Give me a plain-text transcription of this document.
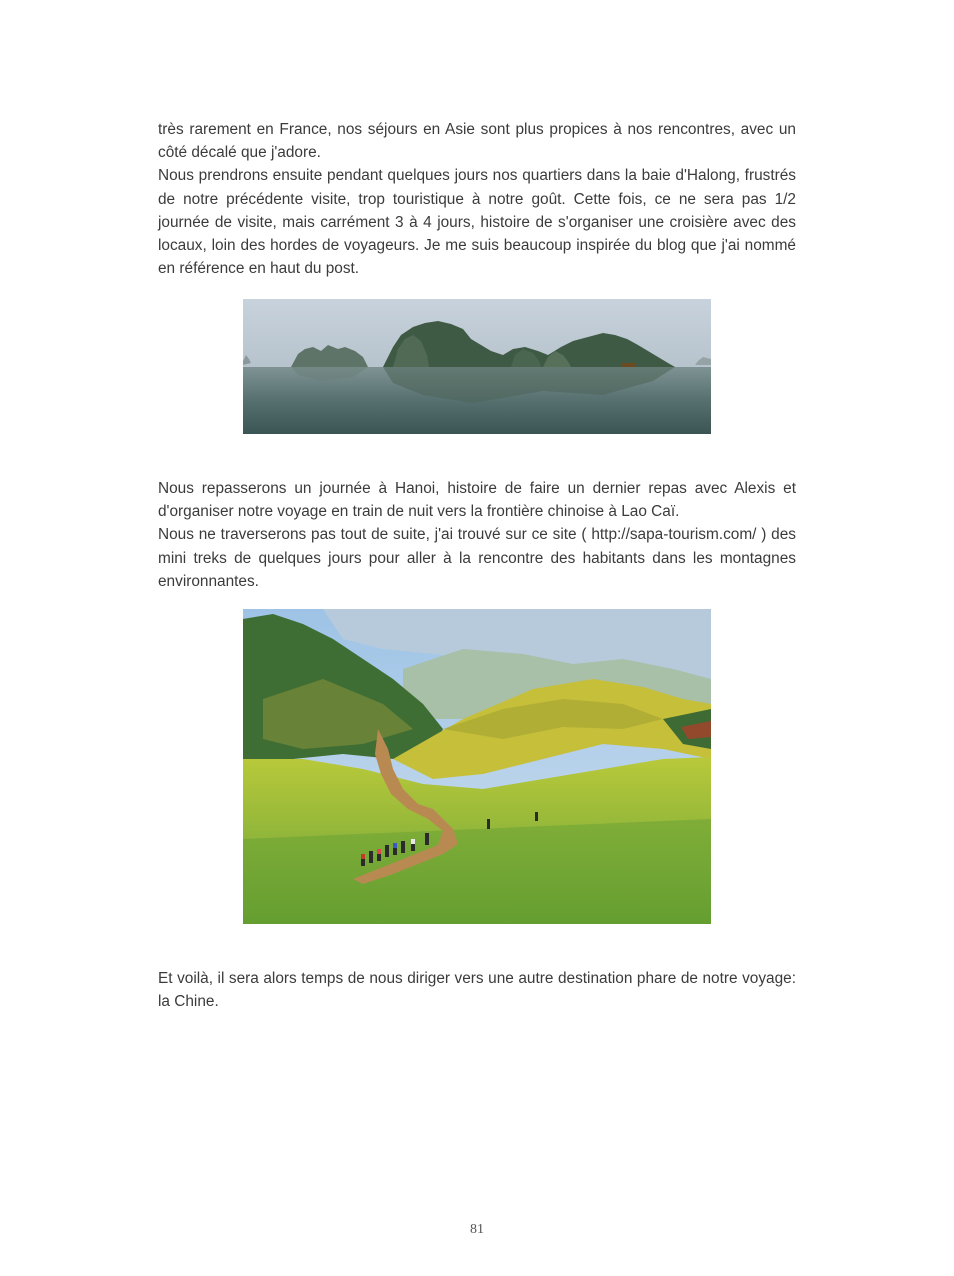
très rarement en France, nos séjours en Asie sont plus propices à nos rencontres, avec un côté décalé que j'adore.

Nous prendrons ensuite pendant quelques jours nos quartiers dans la baie d'Halong, frustrés de notre précédente visite, trop touristique à notre goût. Cette fois, ce ne sera pas 1/2 journée de visite, mais carrément 3 à 4 jours, histoire de s'organiser une croisière avec des locaux, loin des hordes de voyageurs. Je me suis beaucoup inspirée du blog que j'ai nommé en référence en haut du post.

Nous repasserons un journée à Hanoi, histoire de faire un dernier repas avec Alexis et d'organiser notre voyage en train de nuit vers la frontière chinoise à Lao Caï.

Nous ne traverserons pas tout de suite, j'ai trouvé sur ce site ( http://sapa-tourism.com/ ) des mini treks de quelques jours pour aller à la rencontre des habitants dans les montagnes environnantes.

Et voilà, il sera alors temps de nous diriger vers une autre destination phare de notre voyage: la Chine.

81
